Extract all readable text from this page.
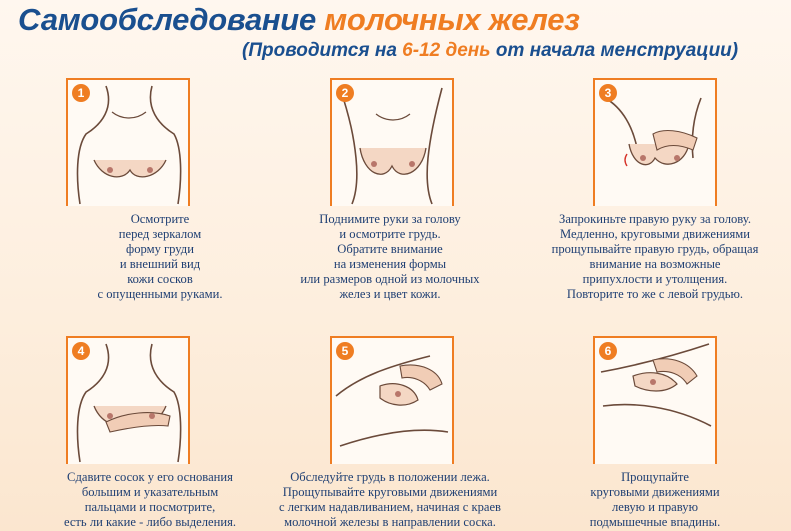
Самообследование молочных желез
(Проводится на 6-12 день от начала менструации)
1
Осмотрите
перед зеркалом
форму груди
и внешний вид
кожи сосков
с опущенными руками.
2
Поднимите руки за голову
и осмотрите грудь.
Обратите внимание
на изменения формы
или размеров одной из молочных
желез и цвет кожи.
3
Запрокиньте правую руку за голову.
Медленно, круговыми движениями
прощупывайте правую грудь, обращая
внимание на возможные
припухлости и утолщения.
Повторите то же с левой грудью.
4
Сдавите сосок у его основания
большим и указательным
пальцами и посмотрите,
есть ли какие - либо выделения.
5
Обследуйте грудь в положении лежа.
Прощупывайте круговыми движениями
с легким надавливанием, начиная с краев
молочной железы в направлении соска.
6
Прощупайте
круговыми движениями
левую и правую
подмышечные впадины.
